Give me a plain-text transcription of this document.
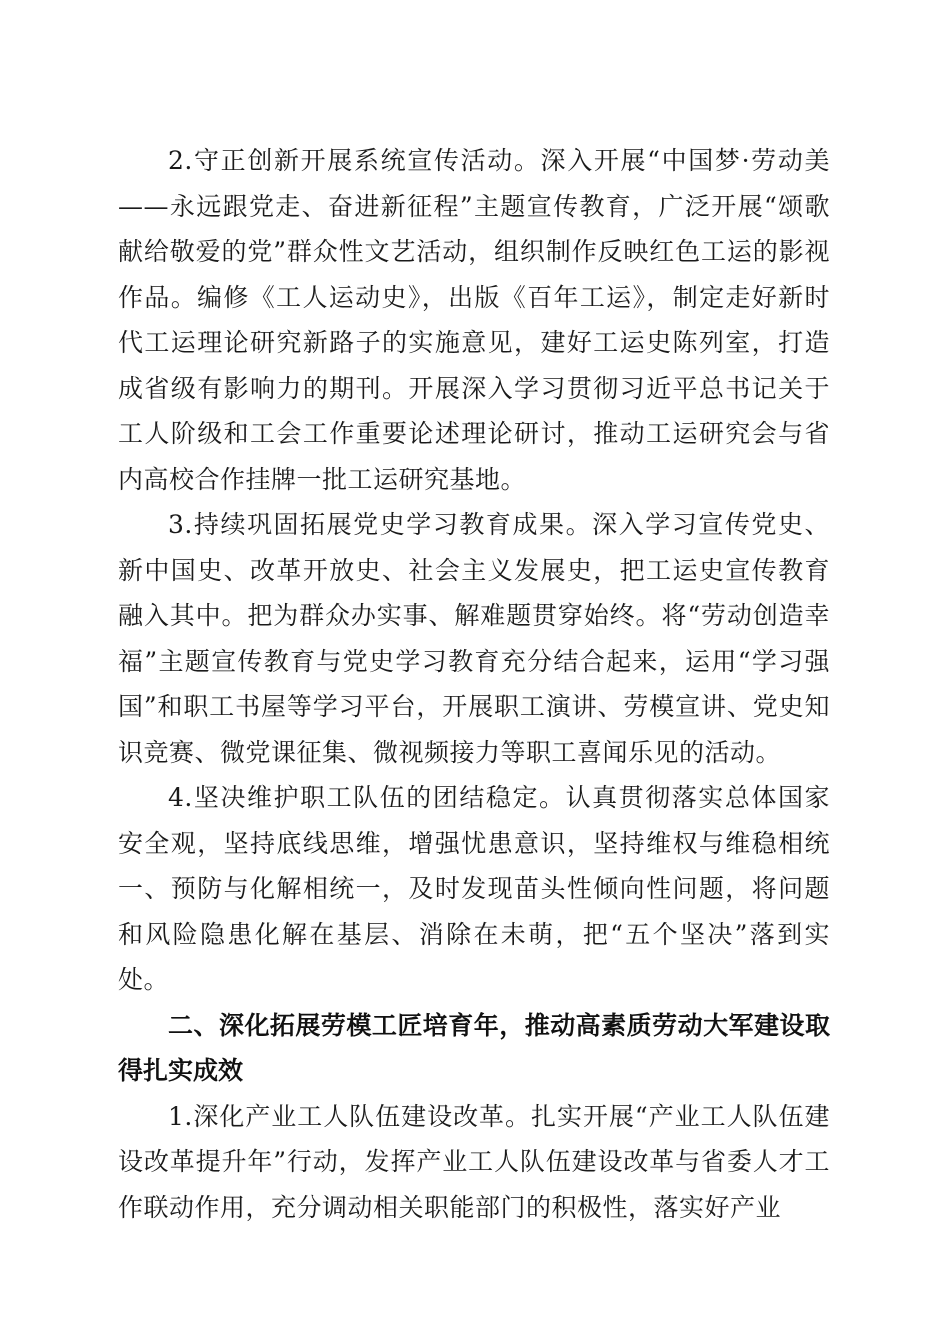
2.守正创新开展系统宣传活动。深入开展“中国梦·劳动美——永远跟党走、奋进新征程”主题宣传教育，广泛开展“颂歌献给敬爱的党”群众性文艺活动，组织制作反映红色工运的影视作品。编修《工人运动史》，出版《百年工运》，制定走好新时代工运理论研究新路子的实施意见，建好工运史陈列室，打造成省级有影响力的期刊。开展深入学习贯彻习近平总书记关于工人阶级和工会工作重要论述理论研讨，推动工运研究会与省内高校合作挂牌一批工运研究基地。

3.持续巩固拓展党史学习教育成果。深入学习宣传党史、新中国史、改革开放史、社会主义发展史，把工运史宣传教育融入其中。把为群众办实事、解难题贯穿始终。将“劳动创造幸福”主题宣传教育与党史学习教育充分结合起来，运用“学习强国”和职工书屋等学习平台，开展职工演讲、劳模宣讲、党史知识竞赛、微党课征集、微视频接力等职工喜闻乐见的活动。

4.坚决维护职工队伍的团结稳定。认真贯彻落实总体国家安全观，坚持底线思维，增强忧患意识，坚持维权与维稳相统一、预防与化解相统一，及时发现苗头性倾向性问题，将问题和风险隐患化解在基层、消除在未萌，把“五个坚决”落到实处。

二、深化拓展劳模工匠培育年，推动高素质劳动大军建设取得扎实成效

1.深化产业工人队伍建设改革。扎实开展“产业工人队伍建设改革提升年”行动，发挥产业工人队伍建设改革与省委人才工作联动作用，充分调动相关职能部门的积极性，落实好产业
